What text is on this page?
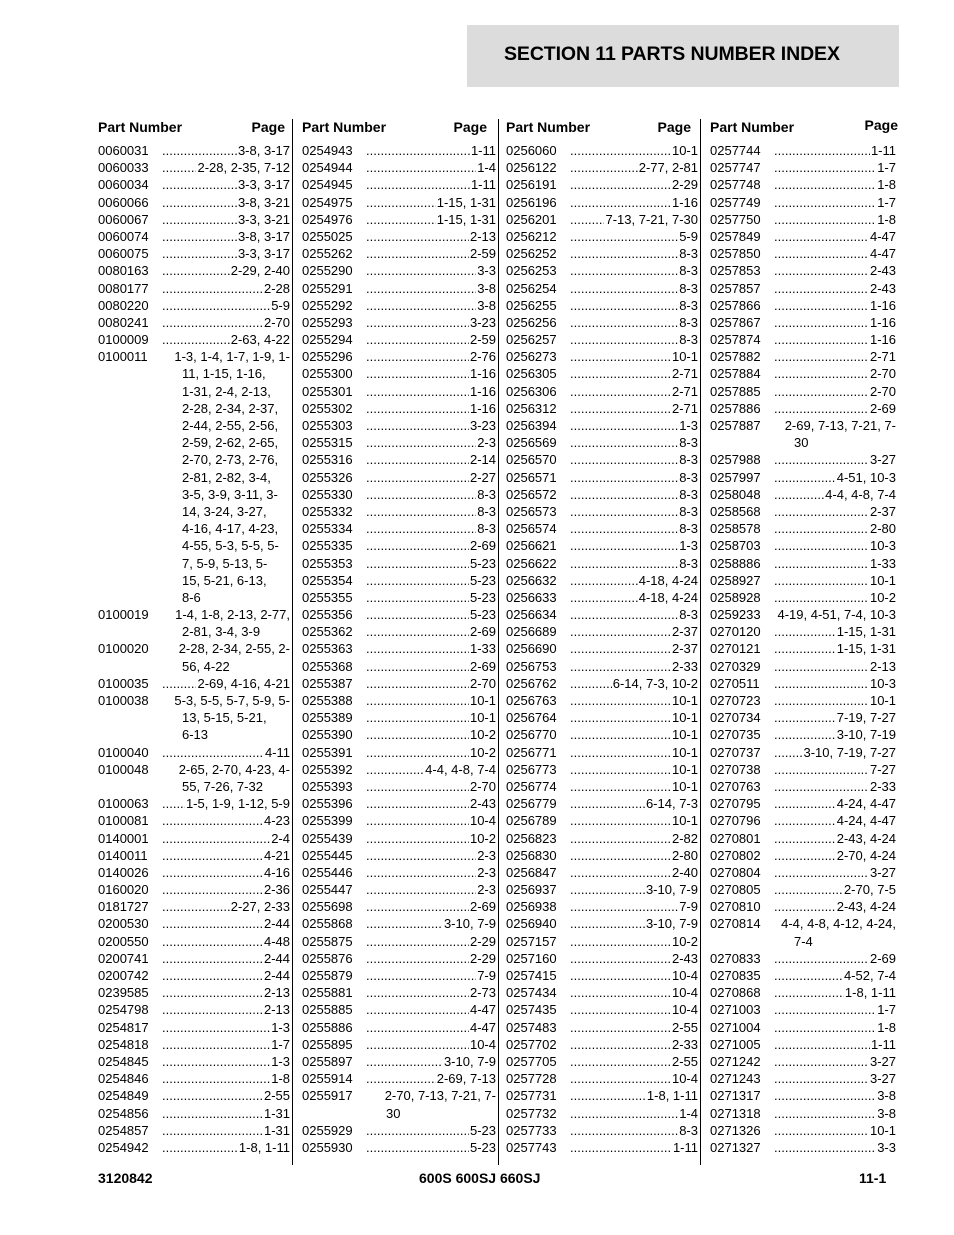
SECTION 11 PARTS NUMBER INDEX
Part Number	Page
0060031	..... 3-8, 3-17
0060033	..... 2-28, 2-35, 7-12
0060034	..... 3-3, 3-17
0060066	..... 3-8, 3-21
0060067	..... 3-3, 3-21
0060074	..... 3-8, 3-17
0060075	..... 3-3, 3-17
0080163	..... 2-29, 2-40
0080177	..... 2-28
0080220	..... 5-9
0080241	..... 2-70
0100009	..... 2-63, 4-22
0100011	1-3, 1-4, 1-7, 1-9, 1-
11, 1-15, 1-16,
1-31, 2-4, 2-13,
2-28, 2-34, 2-37,
2-44, 2-55, 2-56,
2-59, 2-62, 2-65,
2-70, 2-73, 2-76,
2-81, 2-82, 3-4,
3-5, 3-9, 3-11, 3-
14, 3-24, 3-27,
4-16, 4-17, 4-23,
4-55, 5-3, 5-5, 5-
7, 5-9, 5-13, 5-
15, 5-21, 6-13,
8-6
0100019	1-4, 1-8, 2-13, 2-77,
2-81, 3-4, 3-9
0100020	2-28, 2-34, 2-55, 2-
56, 4-22
0100035	..... 2-69, 4-16, 4-21
0100038	5-3, 5-5, 5-7, 5-9, 5-
13, 5-15, 5-21,
6-13
0100040	..... 4-11
0100048	2-65, 2-70, 4-23, 4-
55, 7-26, 7-32
0100063	..... 1-5, 1-9, 1-12, 5-9
0100081	..... 4-23
0140001	..... 2-4
0140011	..... 4-21
0140026	..... 4-16
0160020	..... 2-36
0181727	..... 2-27, 2-33
0200530	..... 2-44
0200550	..... 4-48
0200741	..... 2-44
0200742	..... 2-44
0239585	..... 2-13
0254798	..... 2-13
0254817	..... 1-3
0254818	..... 1-7
0254845	..... 1-3
0254846	..... 1-8
0254849	..... 2-55
0254856	..... 1-31
0254857	..... 1-31
0254942	..... 1-8, 1-11
Part Number	Page
0254943	..... 1-11
0254944	..... 1-4
0254945	..... 1-11
0254975	..... 1-15, 1-31
0254976	..... 1-15, 1-31
0255025	..... 2-13
0255262	..... 2-59
0255290	..... 3-3
0255291	..... 3-8
0255292	..... 3-8
0255293	..... 3-23
0255294	..... 2-59
0255296	..... 2-76
0255300	..... 1-16
0255301	..... 1-16
0255302	..... 1-16
0255303	..... 3-23
0255315	..... 2-3
0255316	..... 2-14
0255326	..... 2-27
0255330	..... 8-3
0255332	..... 8-3
0255334	..... 8-3
0255335	..... 2-69
0255353	..... 5-23
0255354	..... 5-23
0255355	..... 5-23
0255356	..... 5-23
0255362	..... 2-69
0255363	..... 1-33
0255368	..... 2-69
0255387	..... 2-70
0255388	..... 10-1
0255389	..... 10-1
0255390	..... 10-2
0255391	..... 10-2
0255392	..... 4-4, 4-8, 7-4
0255393	..... 2-70
0255396	..... 2-43
0255399	..... 10-4
0255439	..... 10-2
0255445	..... 2-3
0255446	..... 2-3
0255447	..... 2-3
0255698	..... 2-69
0255868	..... 3-10, 7-9
0255875	..... 2-29
0255876	..... 2-29
0255879	..... 7-9
0255881	..... 2-73
0255885	..... 4-47
0255886	..... 4-47
0255895	..... 10-4
0255897	..... 3-10, 7-9
0255914	..... 2-69, 7-13
0255917	2-70, 7-13, 7-21, 7-
30
0255929	..... 5-23
0255930	..... 5-23
Part Number	Page
0256060	..... 10-1
0256122	..... 2-77, 2-81
0256191	..... 2-29
0256196	..... 1-16
0256201	..... 7-13, 7-21, 7-30
0256212	..... 5-9
0256252	..... 8-3
0256253	..... 8-3
0256254	..... 8-3
0256255	..... 8-3
0256256	..... 8-3
0256257	..... 8-3
0256273	..... 10-1
0256305	..... 2-71
0256306	..... 2-71
0256312	..... 2-71
0256394	..... 1-3
0256569	..... 8-3
0256570	..... 8-3
0256571	..... 8-3
0256572	..... 8-3
0256573	..... 8-3
0256574	..... 8-3
0256621	..... 1-3
0256622	..... 8-3
0256632	..... 4-18, 4-24
0256633	..... 4-18, 4-24
0256634	..... 8-3
0256689	..... 2-37
0256690	..... 2-37
0256753	..... 2-33
0256762	..... 6-14, 7-3, 10-2
0256763	..... 10-1
0256764	..... 10-1
0256770	..... 10-1
0256771	..... 10-1
0256773	..... 10-1
0256774	..... 10-1
0256779	..... 6-14, 7-3
0256789	..... 10-1
0256823	..... 2-82
0256830	..... 2-80
0256847	..... 2-40
0256937	..... 3-10, 7-9
0256938	..... 7-9
0256940	..... 3-10, 7-9
0257157	..... 10-2
0257160	..... 2-43
0257415	..... 10-4
0257434	..... 10-4
0257435	..... 10-4
0257483	..... 2-55
0257702	..... 2-33
0257705	..... 2-55
0257728	..... 10-4
0257731	..... 1-8, 1-11
0257732	..... 1-4
0257733	..... 8-3
0257743	..... 1-11
Part Number	Page
0257744	..... 1-11
0257747	..... 1-7
0257748	..... 1-8
0257749	..... 1-7
0257750	..... 1-8
0257849	..... 4-47
0257850	..... 4-47
0257853	..... 2-43
0257857	..... 2-43
0257866	..... 1-16
0257867	..... 1-16
0257874	..... 1-16
0257882	..... 2-71
0257884	..... 2-70
0257885	..... 2-70
0257886	..... 2-69
0257887	2-69, 7-13, 7-21, 7-
30
0257988	..... 3-27
0257997	..... 4-51, 10-3
0258048	..... 4-4, 4-8, 7-4
0258568	..... 2-37
0258578	..... 2-80
0258703	..... 10-3
0258886	..... 1-33
0258927	..... 10-1
0258928	..... 10-2
0259233	4-19, 4-51, 7-4, 10-3
0270120	..... 1-15, 1-31
0270121	..... 1-15, 1-31
0270329	..... 2-13
0270511	..... 10-3
0270723	..... 10-1
0270734	..... 7-19, 7-27
0270735	..... 3-10, 7-19
0270737	..... 3-10, 7-19, 7-27
0270738	..... 7-27
0270763	..... 2-33
0270795	..... 4-24, 4-47
0270796	..... 4-24, 4-47
0270801	..... 2-43, 4-24
0270802	..... 2-70, 4-24
0270804	..... 3-27
0270805	..... 2-70, 7-5
0270810	..... 2-43, 4-24
0270814	4-4, 4-8, 4-12, 4-24,
7-4
0270833	..... 2-69
0270835	..... 4-52, 7-4
0270868	..... 1-8, 1-11
0271003	..... 1-7
0271004	..... 1-8
0271005	..... 1-11
0271242	..... 3-27
0271243	..... 3-27
0271317	..... 3-8
0271318	..... 3-8
0271326	..... 10-1
0271327	..... 3-3
3120842	600S 600SJ 660SJ	11-1
